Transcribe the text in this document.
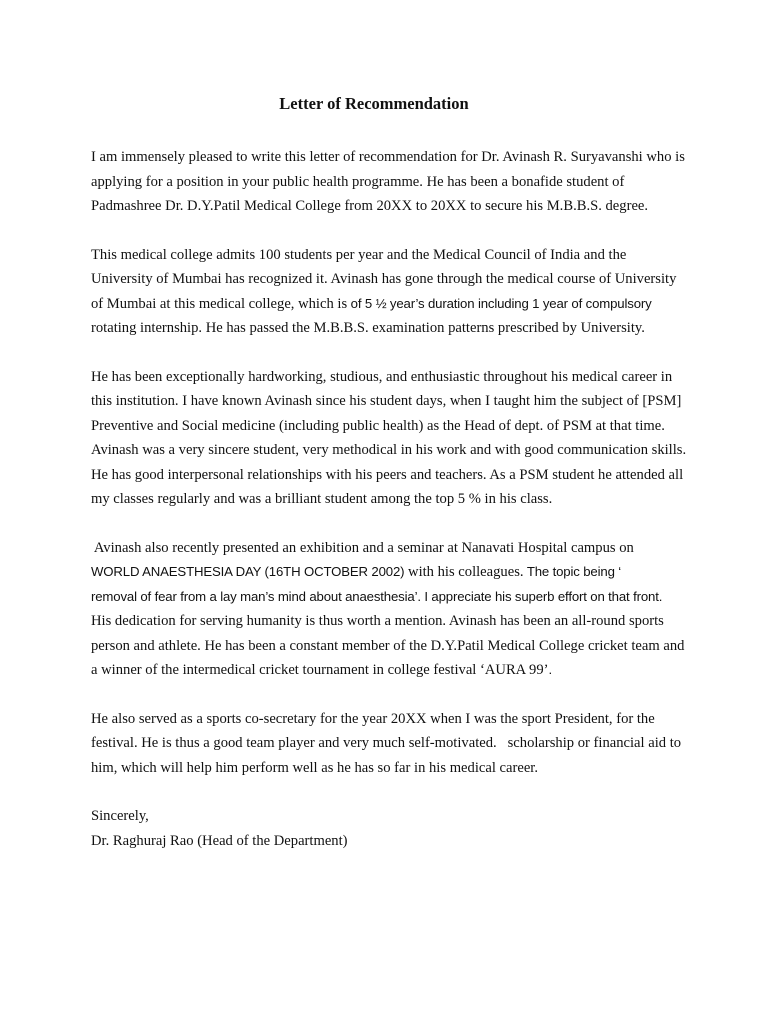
Letter of Recommendation

I am immensely pleased to write this letter of recommendation for Dr. Avinash R. Suryavanshi who is
applying for a position in your public health programme. He has been a bonafide student of
Padmashree Dr. D.Y.Patil Medical College from 20XX to 20XX to secure his M.B.B.S. degree.

This medical college admits 100 students per year and the Medical Council of India and the
University of Mumbai has recognized it. Avinash has gone through the medical course of University
of Mumbai at this medical college, which is of 5 ½ year’s duration including 1 year of compulsory
rotating internship. He has passed the M.B.B.S. examination patterns prescribed by University.

He has been exceptionally hardworking, studious, and enthusiastic throughout his medical career in
this institution. I have known Avinash since his student days, when I taught him the subject of [PSM]
Preventive and Social medicine (including public health) as the Head of dept. of PSM at that time.
Avinash was a very sincere student, very methodical in his work and with good communication skills.
He has good interpersonal relationships with his peers and teachers. As a PSM student he attended all
my classes regularly and was a brilliant student among the top 5 % in his class.

Avinash also recently presented an exhibition and a seminar at Nanavati Hospital campus on
WORLD ANAESTHESIA DAY (16TH OCTOBER 2002) with his colleagues. The topic being ‘
removal of fear from a lay man’s mind about anaesthesia’. I appreciate his superb effort on that front.
His dedication for serving humanity is thus worth a mention. Avinash has been an all-round sports
person and athlete. He has been a constant member of the D.Y.Patil Medical College cricket team and
a winner of the intermedical cricket tournament in college festival ‘AURA 99’.

He also served as a sports co-secretary for the year 20XX when I was the sport President, for the
festival. He is thus a good team player and very much self-motivated.   scholarship or financial aid to
him, which will help him perform well as he has so far in his medical career.

Sincerely,

Dr. Raghuraj Rao (Head of the Department)
